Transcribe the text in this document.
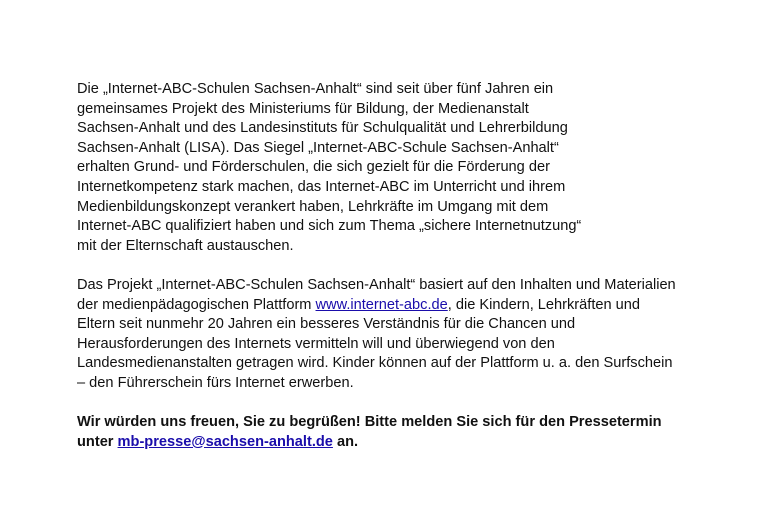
Die „Internet-ABC-Schulen Sachsen-Anhalt“ sind seit über fünf Jahren ein
gemeinsames Projekt des Ministeriums für Bildung, der Medienanstalt
Sachsen-Anhalt und des Landesinstituts für Schulqualität und Lehrerbildung
Sachsen-Anhalt (LISA). Das Siegel „Internet-ABC-Schule Sachsen-Anhalt“
erhalten Grund- und Förderschulen, die sich gezielt für die Förderung der
Internetkompetenz stark machen, das Internet-ABC im Unterricht und ihrem
Medienbildungskonzept verankert haben, Lehrkräfte im Umgang mit dem
Internet-ABC qualifiziert haben und sich zum Thema „sichere Internetnutzung“
mit der Elternschaft austauschen.

Das Projekt „Internet-ABC-Schulen Sachsen-Anhalt“ basiert auf den Inhalten und Materialien
der medienpädagogischen Plattform www.internet-abc.de, die Kindern, Lehrkräften und
Eltern seit nunmehr 20 Jahren ein besseres Verständnis für die Chancen und
Herausforderungen des Internets vermitteln will und überwiegend von den
Landesmedienanstalten getragen wird. Kinder können auf der Plattform u. a. den Surfschein
– den Führerschein fürs Internet erwerben.

Wir würden uns freuen, Sie zu begrüßen! Bitte melden Sie sich für den Pressetermin
unter mb-presse@sachsen-anhalt.de an.
